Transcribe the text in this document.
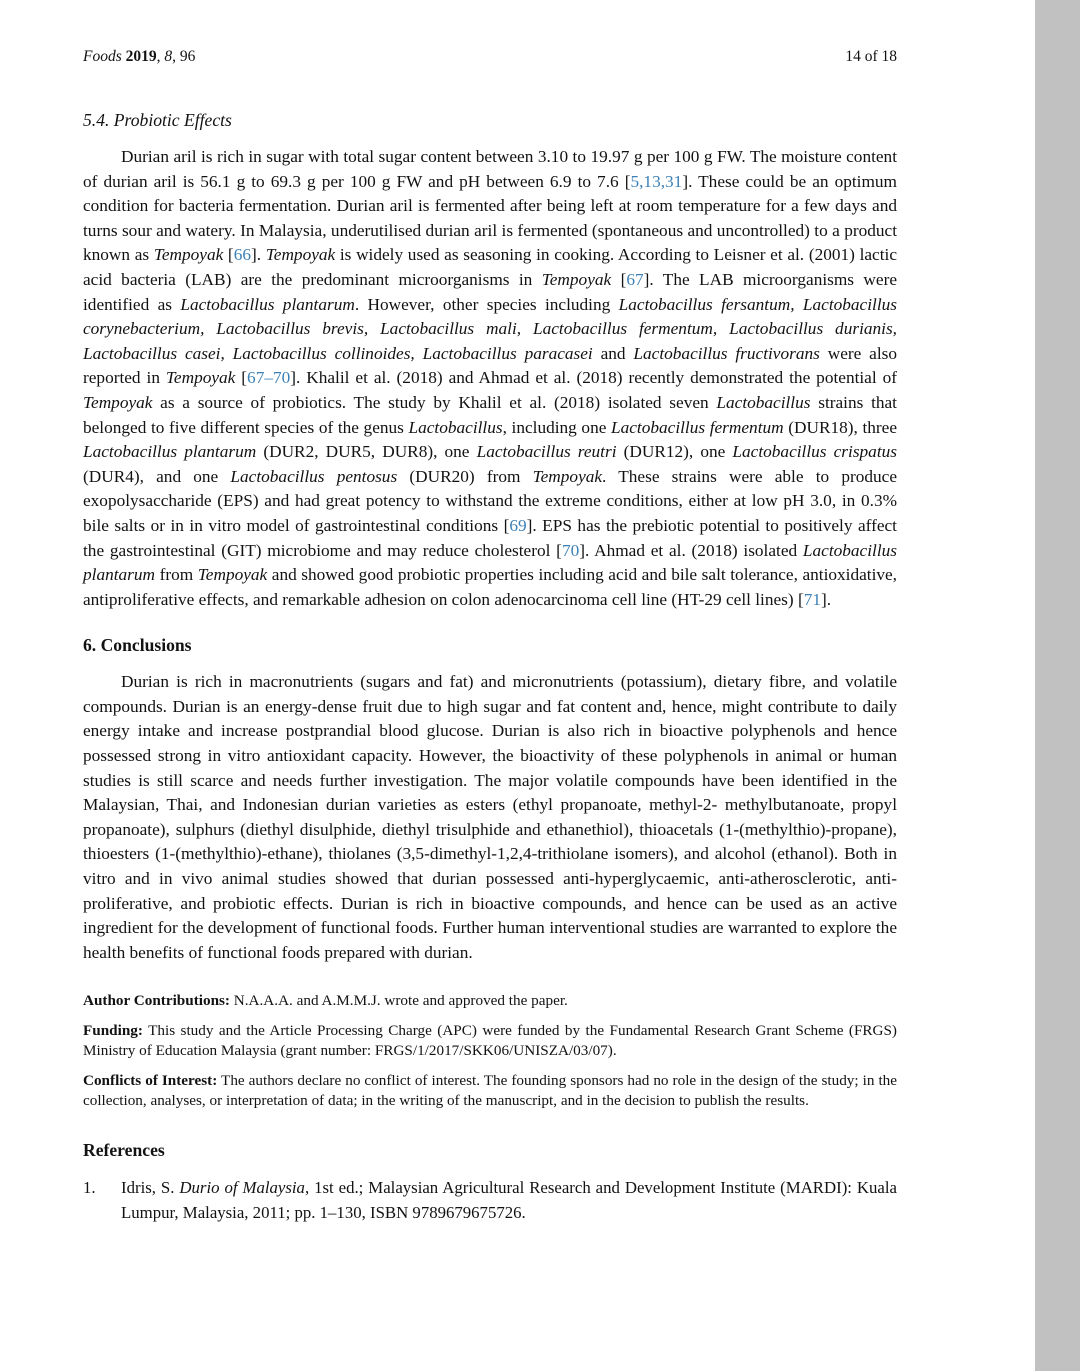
Foods 2019, 8, 96	14 of 18
5.4. Probiotic Effects

Durian aril is rich in sugar with total sugar content between 3.10 to 19.97 g per 100 g FW. The moisture content of durian aril is 56.1 g to 69.3 g per 100 g FW and pH between 6.9 to 7.6 [5,13,31]. These could be an optimum condition for bacteria fermentation. Durian aril is fermented after being left at room temperature for a few days and turns sour and watery. In Malaysia, underutilised durian aril is fermented (spontaneous and uncontrolled) to a product known as Tempoyak [66]. Tempoyak is widely used as seasoning in cooking. According to Leisner et al. (2001) lactic acid bacteria (LAB) are the predominant microorganisms in Tempoyak [67]. The LAB microorganisms were identified as Lactobacillus plantarum. However, other species including Lactobacillus fersantum, Lactobacillus corynebacterium, Lactobacillus brevis, Lactobacillus mali, Lactobacillus fermentum, Lactobacillus durianis, Lactobacillus casei, Lactobacillus collinoides, Lactobacillus paracasei and Lactobacillus fructivorans were also reported in Tempoyak [67–70]. Khalil et al. (2018) and Ahmad et al. (2018) recently demonstrated the potential of Tempoyak as a source of probiotics. The study by Khalil et al. (2018) isolated seven Lactobacillus strains that belonged to five different species of the genus Lactobacillus, including one Lactobacillus fermentum (DUR18), three Lactobacillus plantarum (DUR2, DUR5, DUR8), one Lactobacillus reutri (DUR12), one Lactobacillus crispatus (DUR4), and one Lactobacillus pentosus (DUR20) from Tempoyak. These strains were able to produce exopolysaccharide (EPS) and had great potency to withstand the extreme conditions, either at low pH 3.0, in 0.3% bile salts or in in vitro model of gastrointestinal conditions [69]. EPS has the prebiotic potential to positively affect the gastrointestinal (GIT) microbiome and may reduce cholesterol [70]. Ahmad et al. (2018) isolated Lactobacillus plantarum from Tempoyak and showed good probiotic properties including acid and bile salt tolerance, antioxidative, antiproliferative effects, and remarkable adhesion on colon adenocarcinoma cell line (HT-29 cell lines) [71].

6. Conclusions

Durian is rich in macronutrients (sugars and fat) and micronutrients (potassium), dietary fibre, and volatile compounds. Durian is an energy-dense fruit due to high sugar and fat content and, hence, might contribute to daily energy intake and increase postprandial blood glucose. Durian is also rich in bioactive polyphenols and hence possessed strong in vitro antioxidant capacity. However, the bioactivity of these polyphenols in animal or human studies is still scarce and needs further investigation. The major volatile compounds have been identified in the Malaysian, Thai, and Indonesian durian varieties as esters (ethyl propanoate, methyl-2- methylbutanoate, propyl propanoate), sulphurs (diethyl disulphide, diethyl trisulphide and ethanethiol), thioacetals (1-(methylthio)-propane), thioesters (1-(methylthio)-ethane), thiolanes (3,5-dimethyl-1,2,4-trithiolane isomers), and alcohol (ethanol). Both in vitro and in vivo animal studies showed that durian possessed anti-hyperglycaemic, anti-atherosclerotic, anti-proliferative, and probiotic effects. Durian is rich in bioactive compounds, and hence can be used as an active ingredient for the development of functional foods. Further human interventional studies are warranted to explore the health benefits of functional foods prepared with durian.

Author Contributions: N.A.A.A. and A.M.M.J. wrote and approved the paper.

Funding: This study and the Article Processing Charge (APC) were funded by the Fundamental Research Grant Scheme (FRGS) Ministry of Education Malaysia (grant number: FRGS/1/2017/SKK06/UNISZA/03/07).

Conflicts of Interest: The authors declare no conflict of interest. The founding sponsors had no role in the design of the study; in the collection, analyses, or interpretation of data; in the writing of the manuscript, and in the decision to publish the results.

References
1.	Idris, S. Durio of Malaysia, 1st ed.; Malaysian Agricultural Research and Development Institute (MARDI): Kuala Lumpur, Malaysia, 2011; pp. 1–130, ISBN 9789679675726.
